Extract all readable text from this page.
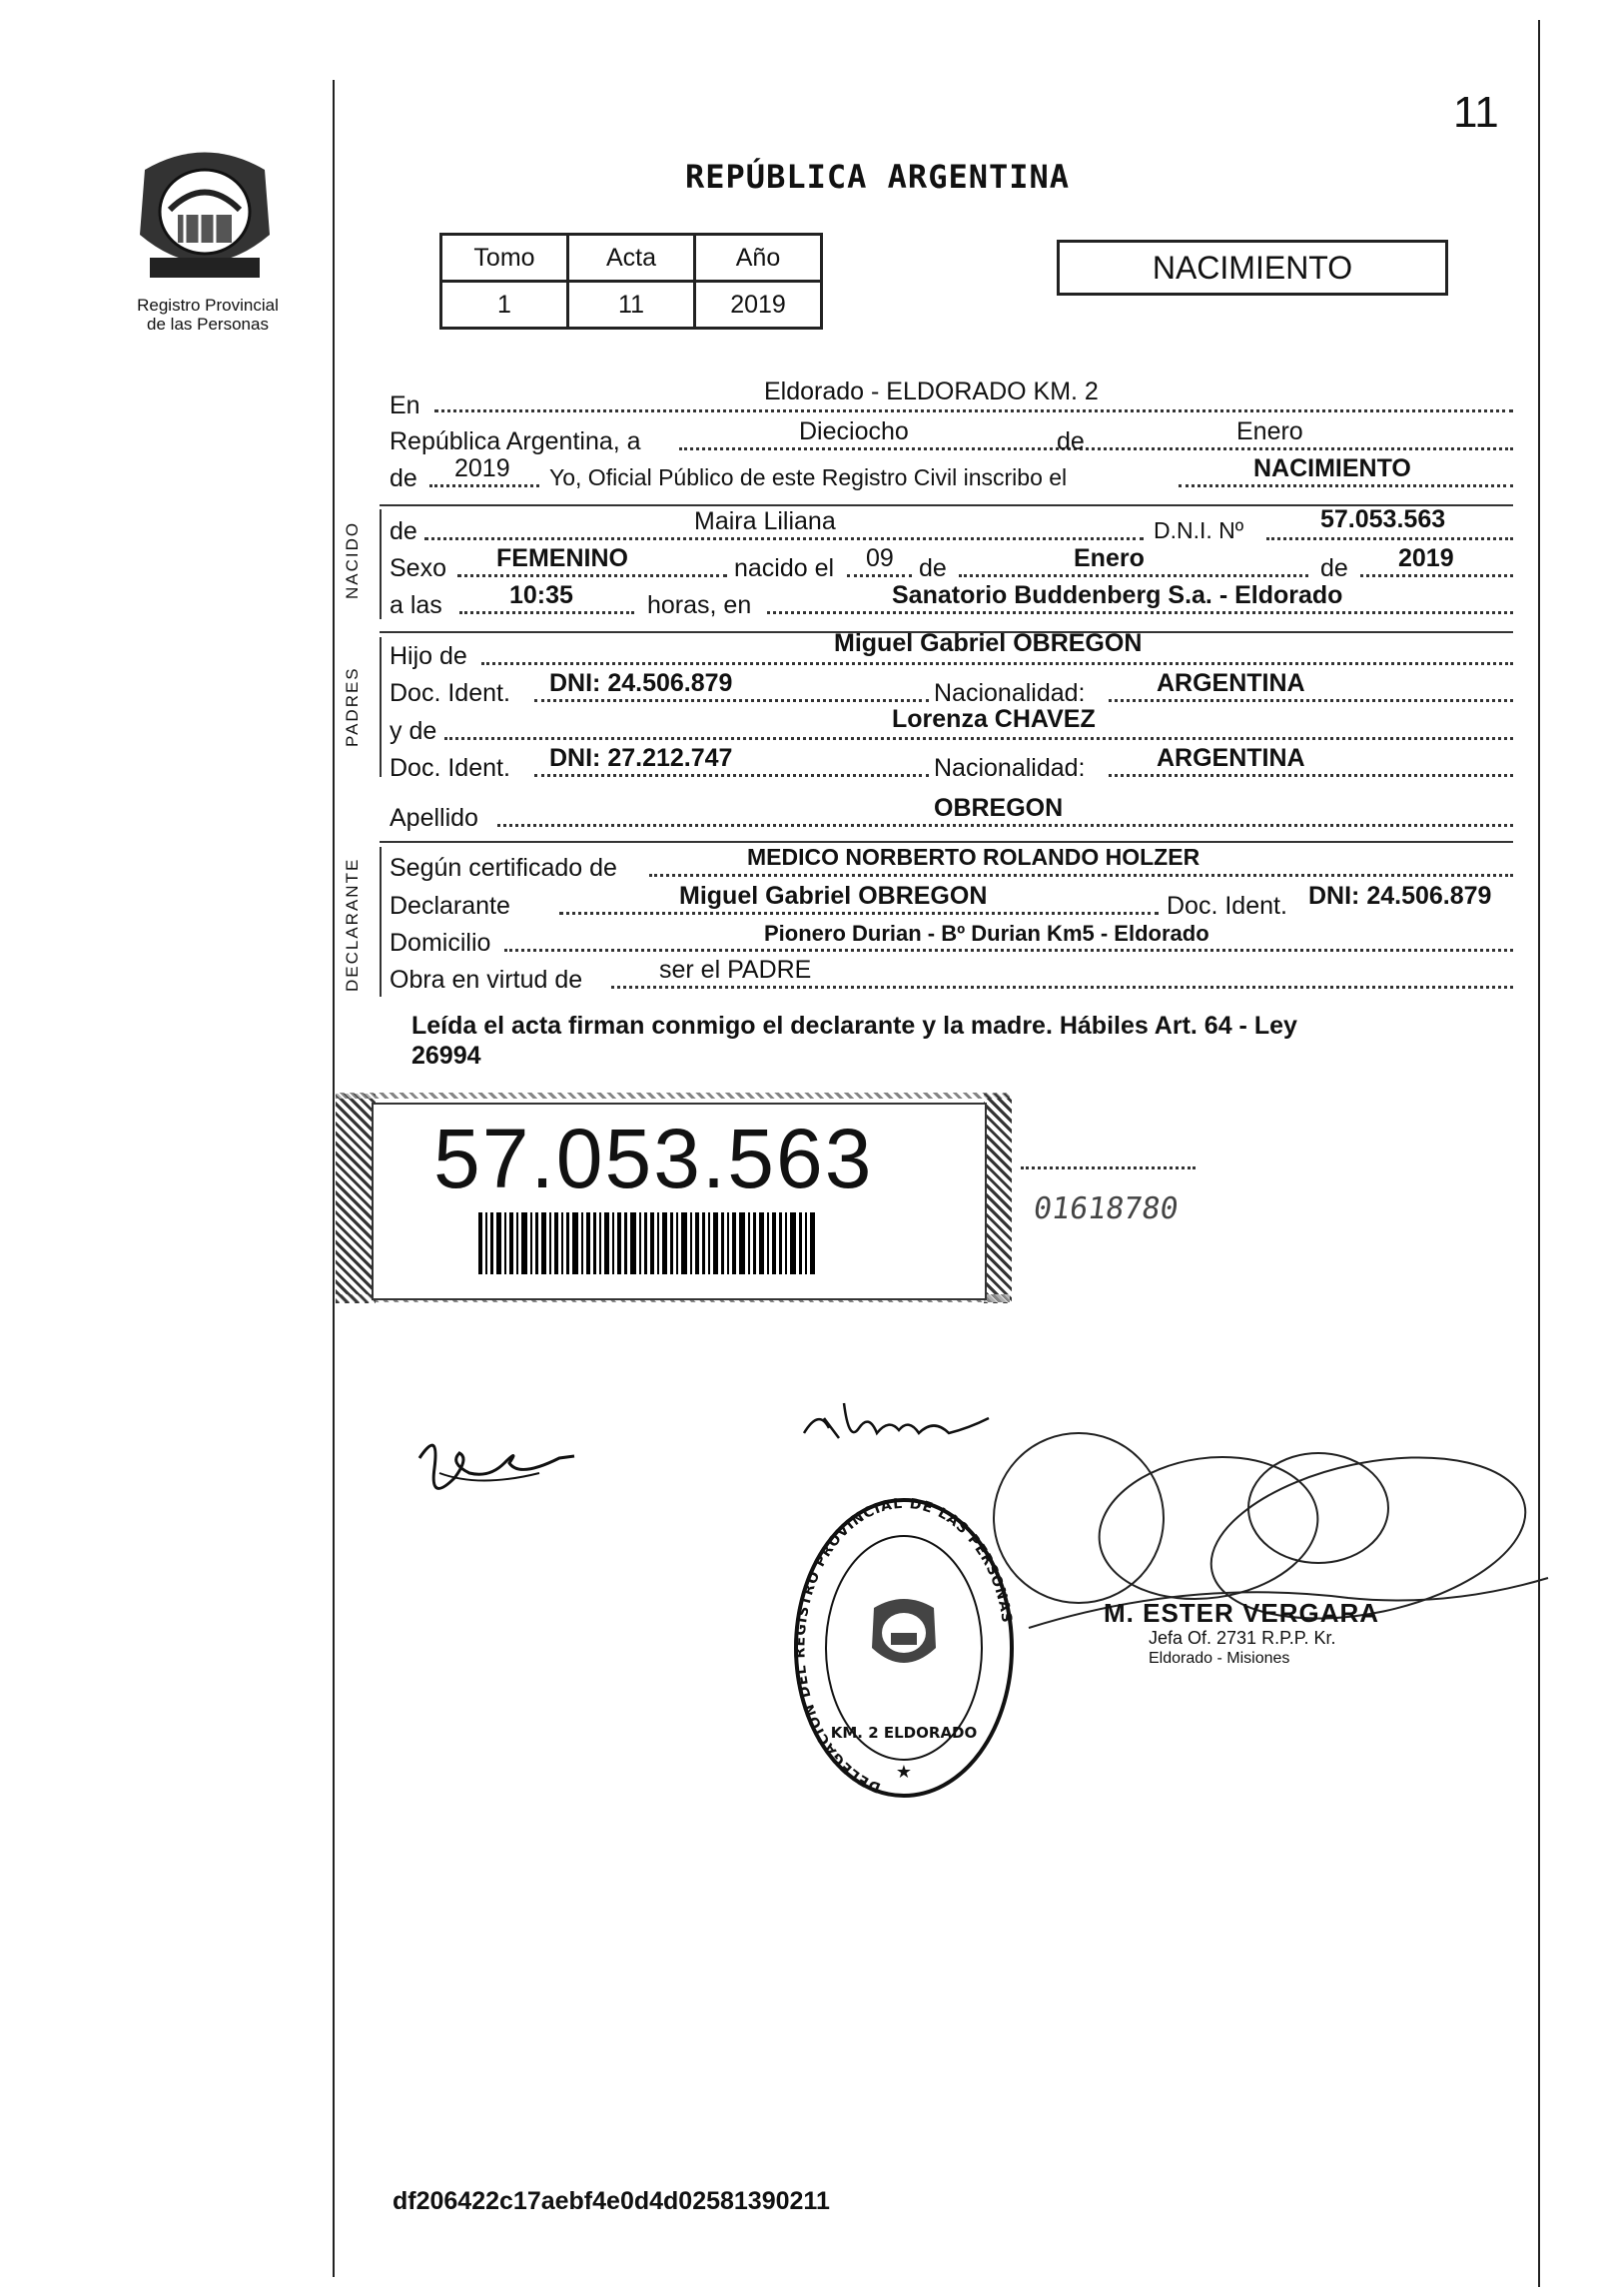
11
Registro Provincial
de las Personas
REPÚBLICA ARGENTINA
Tomo	Acta	Año
1	11	2019
NACIMIENTO
En	Eldorado - ELDORADO KM. 2
República Argentina, a	Dieciocho	de	Enero
de 2019 Yo, Oficial Público de este Registro Civil inscribo el	NACIMIENTO
NACIDO de	Maira Liliana	D.N.I. Nº	57.053.563
Sexo FEMENINO	nacido el 09 de	Enero	de 2019
a las	10:35	horas, en	Sanatorio Buddenberg S.a. - Eldorado
PADRES
Hijo de	Miguel Gabriel OBREGON
Doc. Ident. DNI: 24.506.879	Nacionalidad:	ARGENTINA
y de	Lorenza CHAVEZ
Doc. Ident. DNI: 27.212.747	Nacionalidad:	ARGENTINA
Apellido	OBREGON
DECLARANTE Según certificado de	MEDICO NORBERTO ROLANDO HOLZER
Declarante	Miguel Gabriel OBREGON	Doc. Ident. DNI: 24.506.879
Domicilio	Pionero Durian - Bº Durian Km5 - Eldorado
Obra en virtud de	ser el PADRE
Leída el acta firman conmigo el declarante y la madre. Hábiles Art. 64 - Ley
26994
57.053.563
01618780
M. ESTER VERGARA
Jefa Of. 2731 R.P.P. Kr.
Eldorado - Misiones
DELEGACION DEL REGISTRO PROVINCIAL DE LAS PERSONAS
KM. 2 ELDORADO
★
df206422c17aebf4e0d4d02581390211
